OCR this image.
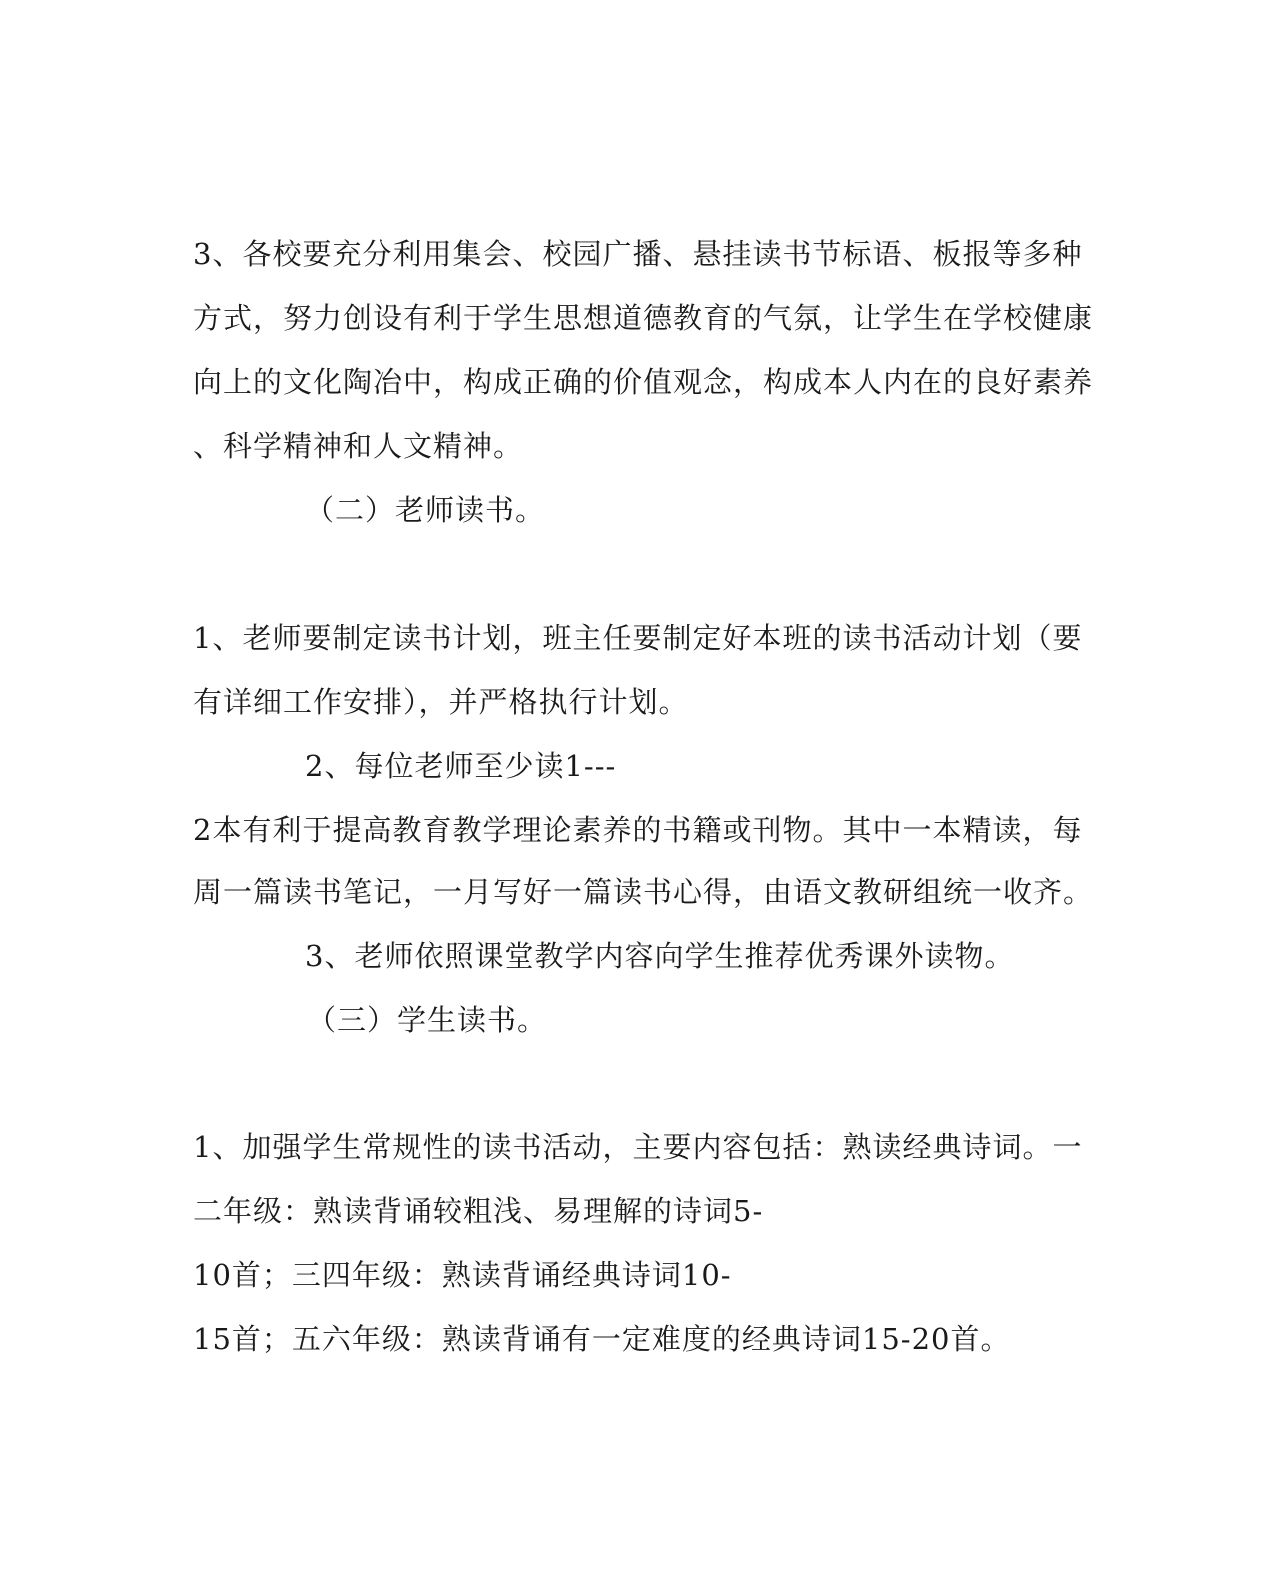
3、各校要充分利用集会、校园广播、悬挂读书节标语、板报等多种
方式，努力创设有利于学生思想道德教育的气氛，让学生在学校健康
向上的文化陶冶中，构成正确的价值观念，构成本人内在的良好素养
、科学精神和人文精神。
（二）老师读书。
1、老师要制定读书计划，班主任要制定好本班的读书活动计划（要
有详细工作安排），并严格执行计划。
2、每位老师至少读1---
2本有利于提高教育教学理论素养的书籍或刊物。其中一本精读，每
周一篇读书笔记，一月写好一篇读书心得，由语文教研组统一收齐。
3、老师依照课堂教学内容向学生推荐优秀课外读物。
（三）学生读书。
1、加强学生常规性的读书活动，主要内容包括：熟读经典诗词。一
二年级：熟读背诵较粗浅、易理解的诗词5-
10首；三四年级：熟读背诵经典诗词10-
15首；五六年级：熟读背诵有一定难度的经典诗词15-20首。
